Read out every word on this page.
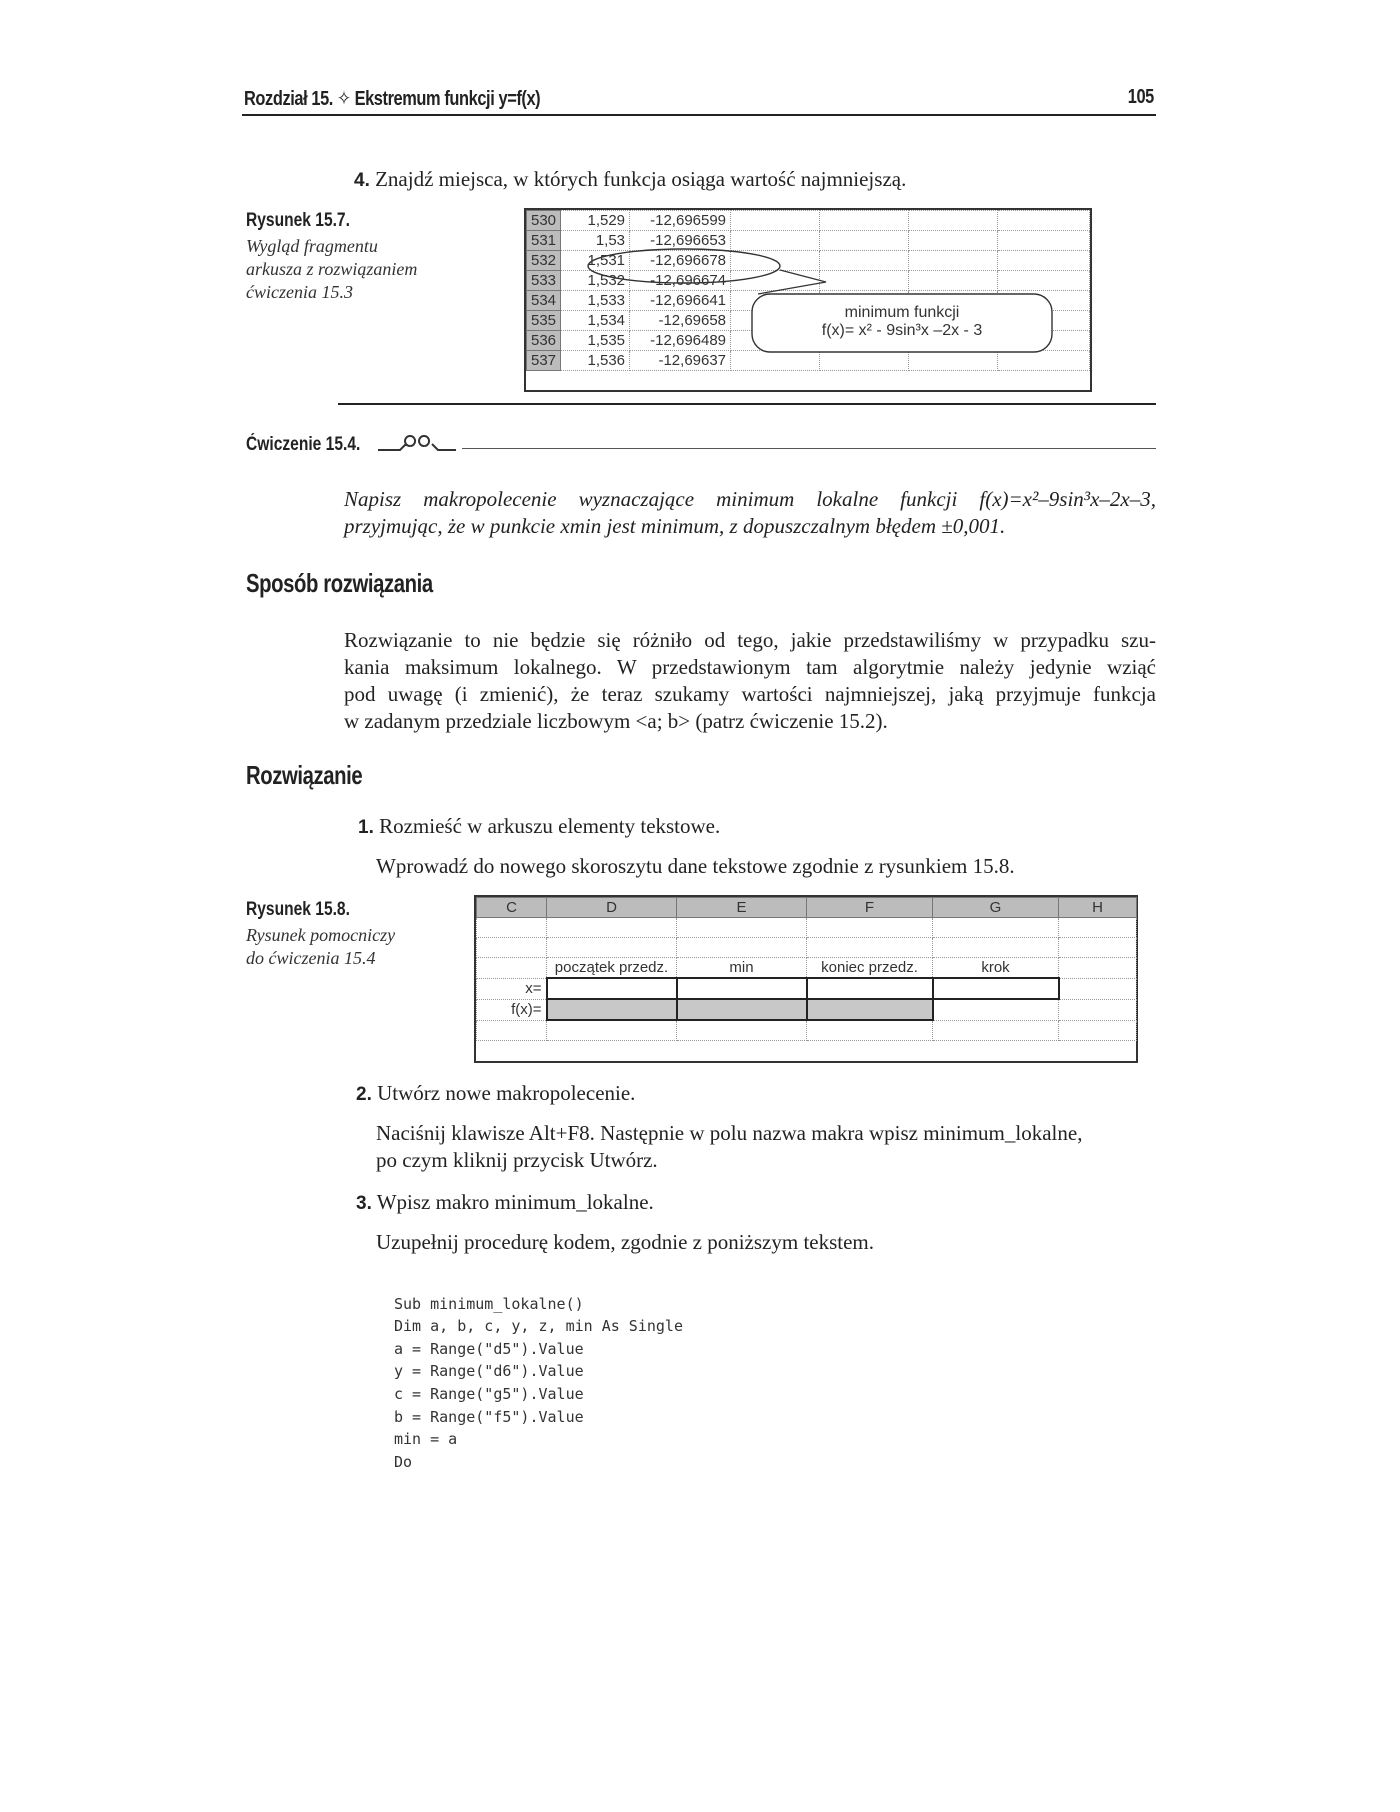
Rozdział 15. ✧ Ekstremum funkcji y=f(x)	105
4. Znajdź miejsca, w których funkcja osiąga wartość najmniejszą.
Rysunek 15.7.
Wygląd fragmentu
arkusza z rozwiązaniem
ćwiczenia 15.3
530	1,529	-12,696599				
531	1,53	-12,696653				
532	1,531	-12,696678				
533	1,532	-12,696674				
534	1,533	-12,696641				
535	1,534	-12,69658				
536	1,535	-12,696489				
537	1,536	-12,69637				
minimum funkcji
f(x)= x² - 9sin³x –2x - 3
Ćwiczenie 15.4.
Napisz makropolecenie wyznaczające minimum lokalne funkcji f(x)=x²–9sin³x–2x–3,
przyjmując, że w punkcie xmin jest minimum, z dopuszczalnym błędem ±0,001.
Sposób rozwiązania
Rozwiązanie to nie będzie się różniło od tego, jakie przedstawiliśmy w przypadku szu-
kania maksimum lokalnego. W przedstawionym tam algorytmie należy jedynie wziąć
pod uwagę (i zmienić), że teraz szukamy wartości najmniejszej, jaką przyjmuje funkcja
w zadanym przedziale liczbowym <a; b> (patrz ćwiczenie 15.2).
Rozwiązanie
1. Rozmieść w arkuszu elementy tekstowe.
Wprowadź do nowego skoroszytu dane tekstowe zgodnie z rysunkiem 15.8.
Rysunek 15.8.
Rysunek pomocniczy
do ćwiczenia 15.4
C	D	E	F	G	H

	początek przedz.	min	koniec przedz.	krok	
x=					
f(x)=					

2. Utwórz nowe makropolecenie.
Naciśnij klawisze Alt+F8. Następnie w polu nazwa makra wpisz minimum_lokalne,
po czym kliknij przycisk Utwórz.
3. Wpisz makro minimum_lokalne.
Uzupełnij procedurę kodem, zgodnie z poniższym tekstem.

Sub minimum_lokalne()
Dim a, b, c, y, z, min As Single
a = Range("d5").Value
y = Range("d6").Value
c = Range("g5").Value
b = Range("f5").Value
min = a
Do
